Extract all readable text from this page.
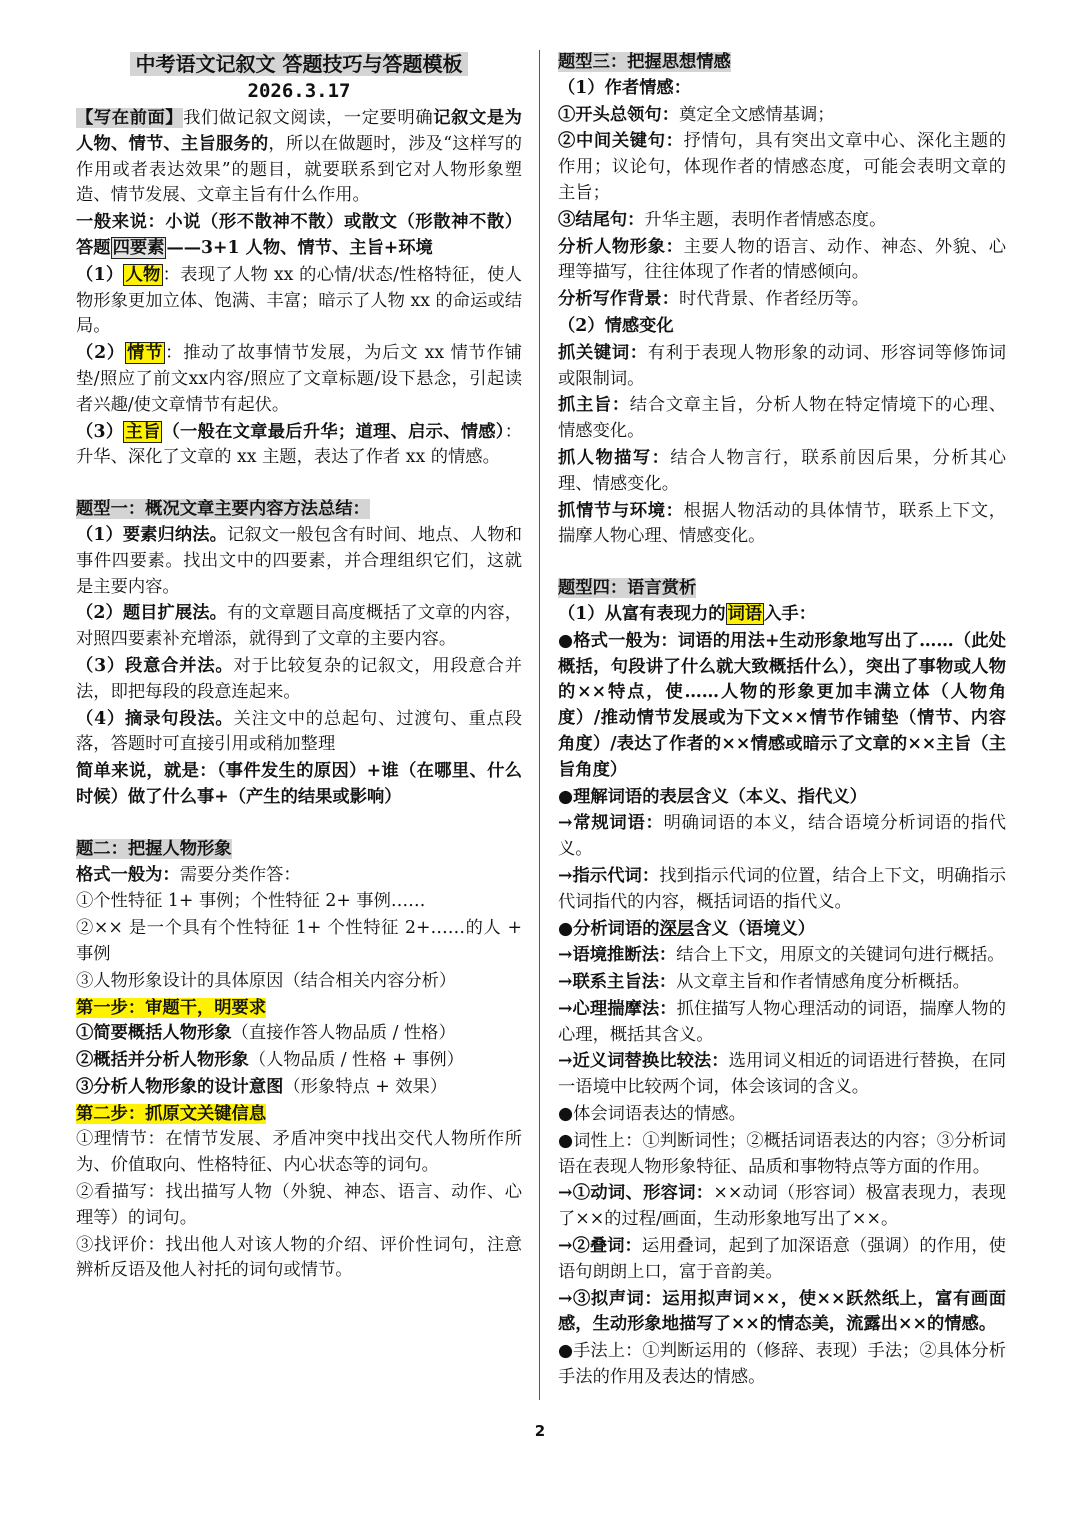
中考语文记叙文 答题技巧与答题模板
2026.3.17

【写在前面】我们做记叙文阅读，一定要明确记叙文是为人物、情节、主旨服务的，所以在做题时，涉及“这样写的作用或者表达效果”的题目，就要联系到它对人物形象塑造、情节发展、文章主旨有什么作用。

一般来说：小说（形不散神不散）或散文（形散神不散）答题 四要素 ——3+1 人物、情节、主旨+环境

（1） 人物 ：表现了人物 xx 的心情/状态/性格特征，使人物形象更加立体、饱满、丰富；暗示了人物 xx 的命运或结局。

（2） 情节 ：推动了故事情节发展，为后文 xx 情节作铺垫/照应了前文xx内容/照应了文章标题/设下悬念，引起读者兴趣/使文章情节有起伏。

（3） 主旨 （一般在文章最后升华；道理、启示、情感）：升华、深化了文章的 xx 主题，表达了作者 xx 的情感。

题型一：概况文章主要内容方法总结：

（1）要素归纳法。记叙文一般包含有时间、地点、人物和事件四要素。找出文中的四要素，并合理组织它们，这就是主要内容。

（2）题目扩展法。有的文章题目高度概括了文章的内容，对照四要素补充增添，就得到了文章的主要内容。

（3）段意合并法。对于比较复杂的记叙文，用段意合并法，即把每段的段意连起来。

（4）摘录句段法。关注文中的总起句、过渡句、重点段落，答题时可直接引用或稍加整理

简单来说，就是：（事件发生的原因）+谁（在哪里、什么时候）做了什么事+（产生的结果或影响）

题二：把握人物形象

格式一般为：需要分类作答：

①个性特征 1+ 事例；个性特征 2+ 事例……

②×× 是一个具有个性特征 1+ 个性特征 2+……的人 + 事例

③人物形象设计的具体原因（结合相关内容分析）

第一步：审题干，明要求

①简要概括人物形象（直接作答人物品质 / 性格）

②概括并分析人物形象（人物品质 / 性格 + 事例）

③分析人物形象的设计意图（形象特点 + 效果）

第二步：抓原文关键信息

①理情节：在情节发展、矛盾冲突中找出交代人物所作所为、价值取向、性格特征、内心状态等的词句。

②看描写：找出描写人物（外貌、神态、语言、动作、心理等）的词句。

③找评价：找出他人对该人物的介绍、评价性词句，注意辨析反语及他人衬托的词句或情节。

题型三：把握思想情感

（1）作者情感：

①开头总领句：奠定全文感情基调；

②中间关键句：抒情句，具有突出文章中心、深化主题的作用；议论句，体现作者的情感态度，可能会表明文章的主旨；

③结尾句：升华主题，表明作者情感态度。

分析人物形象：主要人物的语言、动作、神态、外貌、心理等描写，往往体现了作者的情感倾向。

分析写作背景：时代背景、作者经历等。

（2）情感变化

抓关键词：有利于表现人物形象的动词、形容词等修饰词或限制词。

抓主旨：结合文章主旨，分析人物在特定情境下的心理、情感变化。

抓人物描写：结合人物言行，联系前因后果，分析其心理、情感变化。

抓情节与环境：根据人物活动的具体情节，联系上下文，揣摩人物心理、情感变化。

题型四：语言赏析

（1）从富有表现力的 词语 入手：

●格式一般为：词语的用法+生动形象地写出了……（此处概括，句段讲了什么就大致概括什么），突出了事物或人物的××特点，使……人物的形象更加丰满立体（人物角度）/推动情节发展或为下文××情节作铺垫（情节、内容角度）/表达了作者的××情感或暗示了文章的××主旨（主旨角度）

●理解词语的表层含义（本义、指代义）

→常规词语：明确词语的本义，结合语境分析词语的指代义。

→指示代词：找到指示代词的位置，结合上下文，明确指示代词指代的内容，概括词语的指代义。

●分析词语的深层含义（语境义）

→语境推断法：结合上下文，用原文的关键词句进行概括。

→联系主旨法：从文章主旨和作者情感角度分析概括。

→心理揣摩法：抓住描写人物心理活动的词语，揣摩人物的心理，概括其含义。

→近义词替换比较法：选用词义相近的词语进行替换，在同一语境中比较两个词，体会该词的含义。

●体会词语表达的情感。

●词性上：①判断词性；②概括词语表达的内容；③分析词语在表现人物形象特征、品质和事物特点等方面的作用。

→①动词、形容词：××动词（形容词）极富表现力，表现了××的过程/画面，生动形象地写出了××。

→②叠词：运用叠词，起到了加深语意（强调）的作用，使语句朗朗上口，富于音韵美。

→③拟声词：运用拟声词××，使××跃然纸上，富有画面感，生动形象地描写了××的情态美，流露出××的情感。

●手法上：①判断运用的（修辞、表现）手法；②具体分析手法的作用及表达的情感。

2
